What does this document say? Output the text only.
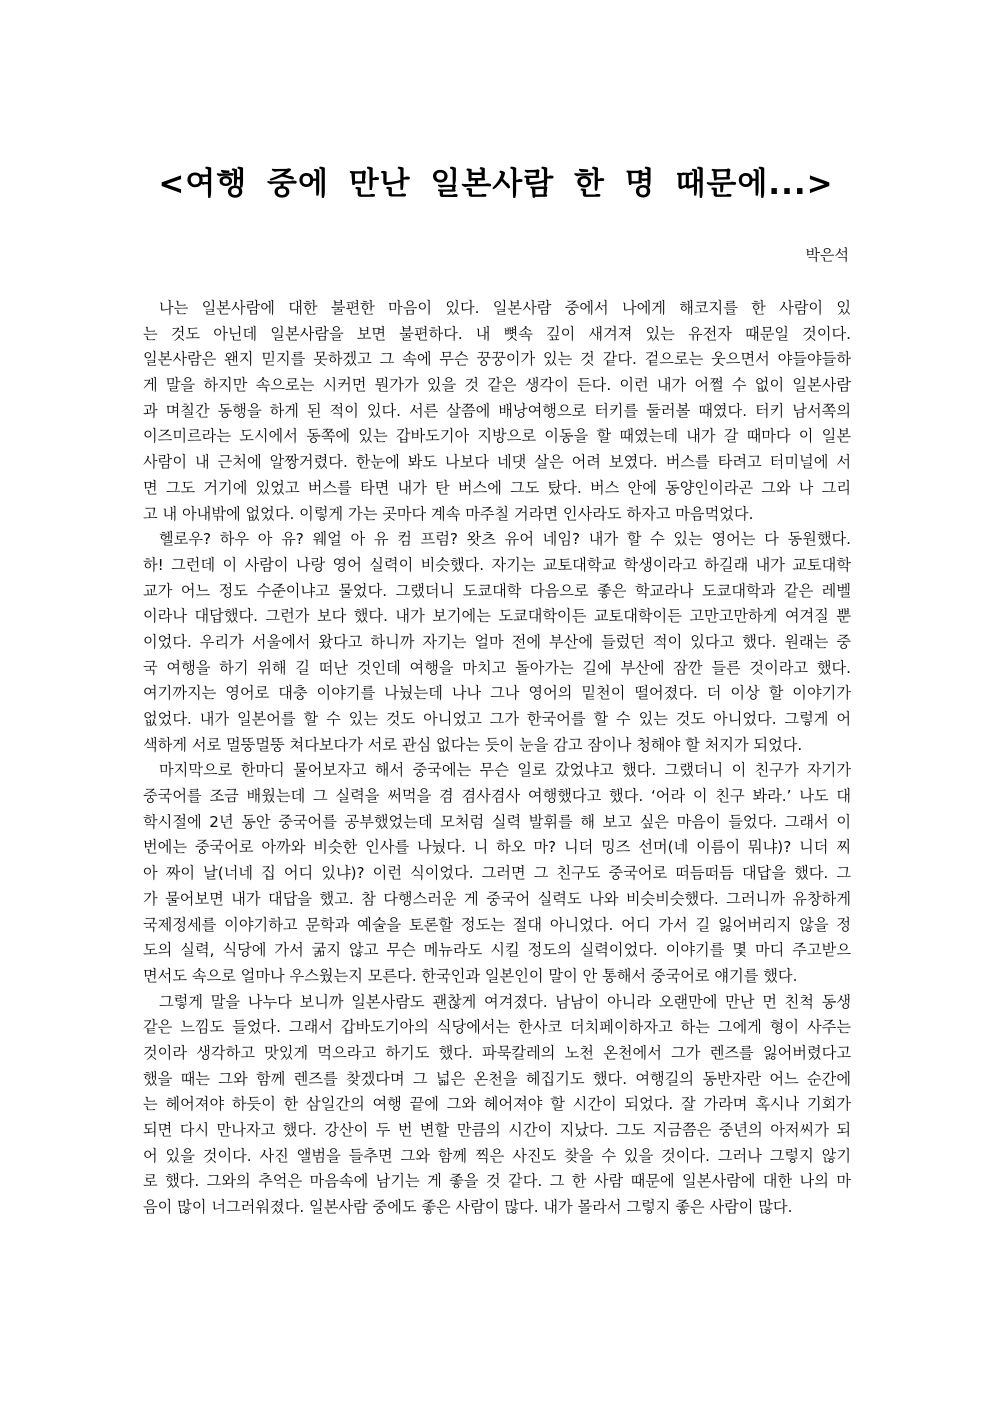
<여행 중에 만난 일본사람 한 명 때문에...>
박은석
나는 일본사람에 대한 불편한 마음이 있다. 일본사람 중에서 나에게 해코지를 한 사람이 있
는 것도 아닌데 일본사람을 보면 불편하다. 내 뼛속 깊이 새겨져 있는 유전자 때문일 것이다.
일본사람은 왠지 믿지를 못하겠고 그 속에 무슨 꿍꿍이가 있는 것 같다. 겉으로는 웃으면서 야들야들하
게 말을 하지만 속으로는 시커먼 뭔가가 있을 것 같은 생각이 든다. 이런 내가 어쩔 수 없이 일본사람
과 며칠간 동행을 하게 된 적이 있다. 서른 살쯤에 배낭여행으로 터키를 둘러볼 때였다. 터키 남서쪽의
이즈미르라는 도시에서 동쪽에 있는 갑바도기아 지방으로 이동을 할 때였는데 내가 갈 때마다 이 일본
사람이 내 근처에 알짱거렸다. 한눈에 봐도 나보다 네댓 살은 어려 보였다. 버스를 타려고 터미널에 서
면 그도 거기에 있었고 버스를 타면 내가 탄 버스에 그도 탔다. 버스 안에 동양인이라곤 그와 나 그리
고 내 아내밖에 없었다. 이렇게 가는 곳마다 계속 마주칠 거라면 인사라도 하자고 마음먹었다.
헬로우? 하우 아 유? 웨얼 아 유 컴 프럼? 왓츠 유어 네임? 내가 할 수 있는 영어는 다 동원했다.
하! 그런데 이 사람이 나랑 영어 실력이 비슷했다. 자기는 교토대학교 학생이라고 하길래 내가 교토대학
교가 어느 정도 수준이냐고 물었다. 그랬더니 도쿄대학 다음으로 좋은 학교라나 도쿄대학과 같은 레벨
이라나 대답했다. 그런가 보다 했다. 내가 보기에는 도쿄대학이든 교토대학이든 고만고만하게 여겨질 뿐
이었다. 우리가 서울에서 왔다고 하니까 자기는 얼마 전에 부산에 들렀던 적이 있다고 했다. 원래는 중
국 여행을 하기 위해 길 떠난 것인데 여행을 마치고 돌아가는 길에 부산에 잠깐 들른 것이라고 했다.
여기까지는 영어로 대충 이야기를 나눴는데 나나 그나 영어의 밑천이 떨어졌다. 더 이상 할 이야기가
없었다. 내가 일본어를 할 수 있는 것도 아니었고 그가 한국어를 할 수 있는 것도 아니었다. 그렇게 어
색하게 서로 멀뚱멀뚱 쳐다보다가 서로 관심 없다는 듯이 눈을 감고 잠이나 청해야 할 처지가 되었다.
마지막으로 한마디 물어보자고 해서 중국에는 무슨 일로 갔었냐고 했다. 그랬더니 이 친구가 자기가
중국어를 조금 배웠는데 그 실력을 써먹을 겸 겸사겸사 여행했다고 했다. ‘어라 이 친구 봐라.’ 나도 대
학시절에 2년 동안 중국어를 공부했었는데 모처럼 실력 발휘를 해 보고 싶은 마음이 들었다. 그래서 이
번에는 중국어로 아까와 비슷한 인사를 나눴다. 니 하오 마? 니더 밍즈 선머(네 이름이 뭐냐)? 니더 찌
아 짜이 날(너네 집 어디 있냐)? 이런 식이었다. 그러면 그 친구도 중국어로 떠듬떠듬 대답을 했다. 그
가 물어보면 내가 대답을 했고. 참 다행스러운 게 중국어 실력도 나와 비슷비슷했다. 그러니까 유창하게
국제정세를 이야기하고 문학과 예술을 토론할 정도는 절대 아니었다. 어디 가서 길 잃어버리지 않을 정
도의 실력, 식당에 가서 굶지 않고 무슨 메뉴라도 시킬 정도의 실력이었다. 이야기를 몇 마디 주고받으
면서도 속으로 얼마나 우스웠는지 모른다. 한국인과 일본인이 말이 안 통해서 중국어로 얘기를 했다.
그렇게 말을 나누다 보니까 일본사람도 괜찮게 여겨졌다. 남남이 아니라 오랜만에 만난 먼 친척 동생
같은 느낌도 들었다. 그래서 갑바도기아의 식당에서는 한사코 더치페이하자고 하는 그에게 형이 사주는
것이라 생각하고 맛있게 먹으라고 하기도 했다. 파묵칼레의 노천 온천에서 그가 렌즈를 잃어버렸다고
했을 때는 그와 함께 렌즈를 찾겠다며 그 넓은 온천을 헤집기도 했다. 여행길의 동반자란 어느 순간에
는 헤어져야 하듯이 한 삼일간의 여행 끝에 그와 헤어져야 할 시간이 되었다. 잘 가라며 혹시나 기회가
되면 다시 만나자고 했다. 강산이 두 번 변할 만큼의 시간이 지났다. 그도 지금쯤은 중년의 아저씨가 되
어 있을 것이다. 사진 앨범을 들추면 그와 함께 찍은 사진도 찾을 수 있을 것이다. 그러나 그렇지 않기
로 했다. 그와의 추억은 마음속에 남기는 게 좋을 것 같다. 그 한 사람 때문에 일본사람에 대한 나의 마
음이 많이 너그러워졌다. 일본사람 중에도 좋은 사람이 많다. 내가 몰라서 그렇지 좋은 사람이 많다.
